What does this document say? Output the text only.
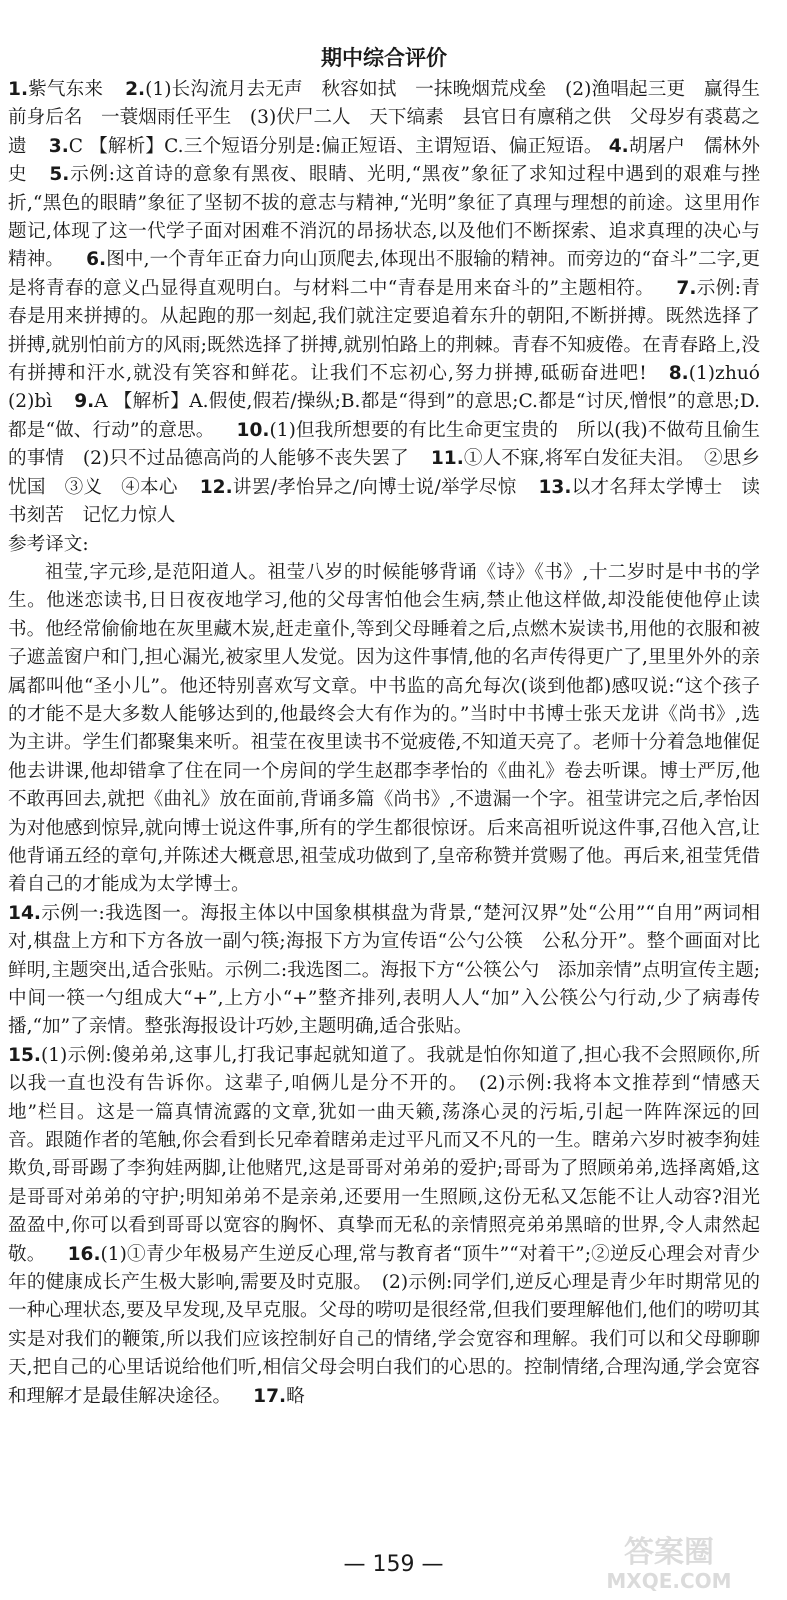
期中综合评价

1.紫气东来 2.(1)长沟流月去无声　秋容如拭　一抹晚烟荒戍垒　(2)渔唱起三更　赢得生前身后名　一蓑烟雨任平生　(3)伏尸二人　天下缟素　县官日有廪稍之供　父母岁有裘葛之遗 3.C 【解析】C.三个短语分别是:偏正短语、主谓短语、偏正短语。 4.胡屠户　儒林外史 5.示例:这首诗的意象有黑夜、眼睛、光明,“黑夜”象征了求知过程中遇到的艰难与挫折,“黑色的眼睛”象征了坚韧不拔的意志与精神,“光明”象征了真理与理想的前途。这里用作题记,体现了这一代学子面对困难不消沉的昂扬状态,以及他们不断探索、追求真理的决心与精神。 6.图中,一个青年正奋力向山顶爬去,体现出不服输的精神。而旁边的“奋斗”二字,更是将青春的意义凸显得直观明白。与材料二中“青春是用来奋斗的”主题相符。 7.示例:青春是用来拼搏的。从起跑的那一刻起,我们就注定要追着东升的朝阳,不断拼搏。既然选择了拼搏,就别怕前方的风雨;既然选择了拼搏,就别怕路上的荆棘。青春不知疲倦。在青春路上,没有拼搏和汗水,就没有笑容和鲜花。让我们不忘初心,努力拼搏,砥砺奋进吧! 8.(1)zhuó　(2)bì 9.A 【解析】A.假使,假若/操纵;B.都是“得到”的意思;C.都是“讨厌,憎恨”的意思;D.都是“做、行动”的意思。 10.(1)但我所想要的有比生命更宝贵的　所以(我)不做苟且偷生的事情　(2)只不过品德高尚的人能够不丧失罢了 11.①人不寐,将军白发征夫泪。　②思乡忧国　③义　④本心 12.讲罢/孝怡异之/向博士说/举学尽惊 13.以才名拜太学博士　读书刻苦　记忆力惊人

参考译文:

祖莹,字元珍,是范阳道人。祖莹八岁的时候能够背诵《诗》《书》,十二岁时是中书的学生。他迷恋读书,日日夜夜地学习,他的父母害怕他会生病,禁止他这样做,却没能使他停止读书。他经常偷偷地在灰里藏木炭,赶走童仆,等到父母睡着之后,点燃木炭读书,用他的衣服和被子遮盖窗户和门,担心漏光,被家里人发觉。因为这件事情,他的名声传得更广了,里里外外的亲属都叫他“圣小儿”。他还特别喜欢写文章。中书监的高允每次(谈到他都)感叹说:“这个孩子的才能不是大多数人能够达到的,他最终会大有作为的。”当时中书博士张天龙讲《尚书》,选为主讲。学生们都聚集来听。祖莹在夜里读书不觉疲倦,不知道天亮了。老师十分着急地催促他去讲课,他却错拿了住在同一个房间的学生赵郡李孝怡的《曲礼》卷去听课。博士严厉,他不敢再回去,就把《曲礼》放在面前,背诵多篇《尚书》,不遗漏一个字。祖莹讲完之后,孝怡因为对他感到惊异,就向博士说这件事,所有的学生都很惊讶。后来高祖听说这件事,召他入宫,让他背诵五经的章句,并陈述大概意思,祖莹成功做到了,皇帝称赞并赏赐了他。再后来,祖莹凭借着自己的才能成为太学博士。

14.示例一:我选图一。海报主体以中国象棋棋盘为背景,“楚河汉界”处“公用”“自用”两词相对,棋盘上方和下方各放一副勺筷;海报下方为宣传语“公勺公筷　公私分开”。整个画面对比鲜明,主题突出,适合张贴。示例二:我选图二。海报下方“公筷公勺　添加亲情”点明宣传主题;中间一筷一勺组成大“+”,上方小“+”整齐排列,表明人人“加”入公筷公勺行动,少了病毒传播,“加”了亲情。整张海报设计巧妙,主题明确,适合张贴。

15.(1)示例:傻弟弟,这事儿,打我记事起就知道了。我就是怕你知道了,担心我不会照顾你,所以我一直也没有告诉你。这辈子,咱俩儿是分不开的。　(2)示例:我将本文推荐到“情感天地”栏目。这是一篇真情流露的文章,犹如一曲天籁,荡涤心灵的污垢,引起一阵阵深远的回音。跟随作者的笔触,你会看到长兄牵着瞎弟走过平凡而又不凡的一生。瞎弟六岁时被李狗娃欺负,哥哥踢了李狗娃两脚,让他赌咒,这是哥哥对弟弟的爱护;哥哥为了照顾弟弟,选择离婚,这是哥哥对弟弟的守护;明知弟弟不是亲弟,还要用一生照顾,这份无私又怎能不让人动容?泪光盈盈中,你可以看到哥哥以宽容的胸怀、真挚而无私的亲情照亮弟弟黑暗的世界,令人肃然起敬。 16.(1)①青少年极易产生逆反心理,常与教育者“顶牛”“对着干”;②逆反心理会对青少年的健康成长产生极大影响,需要及时克服。　(2)示例:同学们,逆反心理是青少年时期常见的一种心理状态,要及早发现,及早克服。父母的唠叨是很经常,但我们要理解他们,他们的唠叨其实是对我们的鞭策,所以我们应该控制好自己的情绪,学会宽容和理解。我们可以和父母聊聊天,把自己的心里话说给他们听,相信父母会明白我们的心思的。控制情绪,合理沟通,学会宽容和理解才是最佳解决途径。 17.略

— 159 —	答案圈
MXQE.COM
